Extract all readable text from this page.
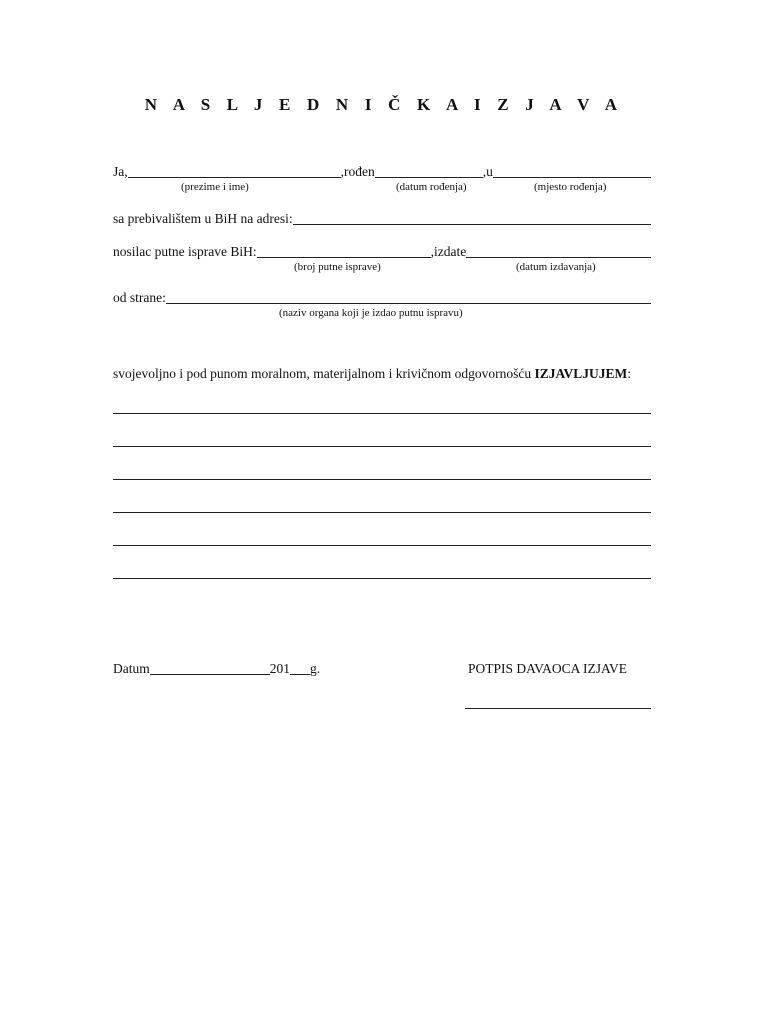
N A S L J E D N I Č K A I Z J A V A
Ja,	,rođen	,u
(prezime i ime)	(datum rođenja)	(mjesto rođenja)
sa prebivalištem u BiH na adresi:
nosilac putne isprave BiH:	,izdate
(broj putne isprave)	(datum izdavanja)
od strane:
(naziv organa koji je izdao putnu ispravu)
svojevoljno i pod punom moralnom, materijalnom i krivičnom odgovornošću IZJAVLJUJEM:
Datum	201 g.	POTPIS DAVAOCA IZJAVE
